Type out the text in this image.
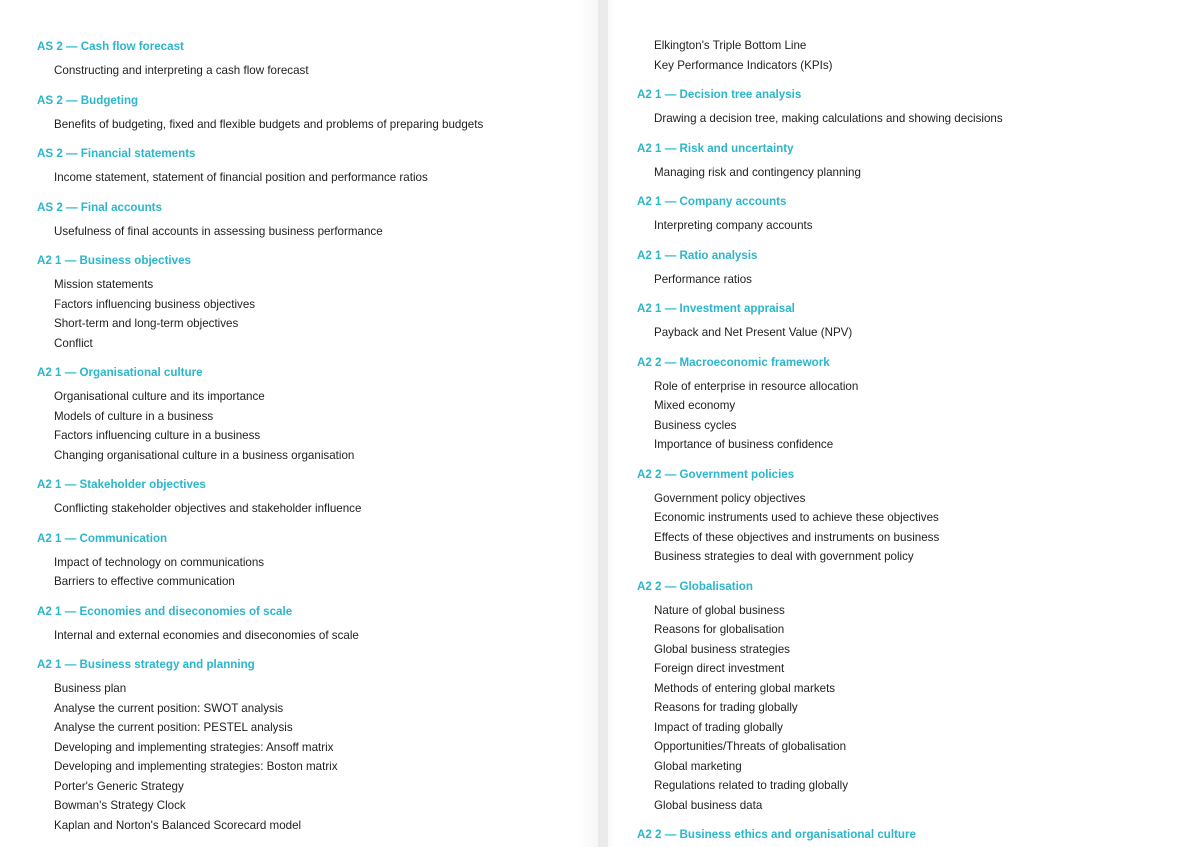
AS 2 — Cash flow forecast
Constructing and interpreting a cash flow forecast
AS 2 — Budgeting
Benefits of budgeting, fixed and flexible budgets and problems of preparing budgets
AS 2 — Financial statements
Income statement, statement of financial position and performance ratios
AS 2 — Final accounts
Usefulness of final accounts in assessing business performance
A2 1 — Business objectives
Mission statements
Factors influencing business objectives
Short-term and long-term objectives
Conflict
A2 1 — Organisational culture
Organisational culture and its importance
Models of culture in a business
Factors influencing culture in a business
Changing organisational culture in a business organisation
A2 1 — Stakeholder objectives
Conflicting stakeholder objectives and stakeholder influence
A2 1 — Communication
Impact of technology on communications
Barriers to effective communication
A2 1 — Economies and diseconomies of scale
Internal and external economies and diseconomies of scale
A2 1 — Business strategy and planning
Business plan
Analyse the current position: SWOT analysis
Analyse the current position: PESTEL analysis
Developing and implementing strategies: Ansoff matrix
Developing and implementing strategies: Boston matrix
Porter's Generic Strategy
Bowman's Strategy Clock
Kaplan and Norton's Balanced Scorecard model
Elkington's Triple Bottom Line
Key Performance Indicators (KPIs)
A2 1 — Decision tree analysis
Drawing a decision tree, making calculations and showing decisions
A2 1 — Risk and uncertainty
Managing risk and contingency planning
A2 1 — Company accounts
Interpreting company accounts
A2 1 — Ratio analysis
Performance ratios
A2 1 — Investment appraisal
Payback and Net Present Value (NPV)
A2 2 — Macroeconomic framework
Role of enterprise in resource allocation
Mixed economy
Business cycles
Importance of business confidence
A2 2 — Government policies
Government policy objectives
Economic instruments used to achieve these objectives
Effects of these objectives and instruments on business
Business strategies to deal with government policy
A2 2 — Globalisation
Nature of global business
Reasons for globalisation
Global business strategies
Foreign direct investment
Methods of entering global markets
Reasons for trading globally
Impact of trading globally
Opportunities/Threats of globalisation
Global marketing
Regulations related to trading globally
Global business data
A2 2 — Business ethics and organisational culture
